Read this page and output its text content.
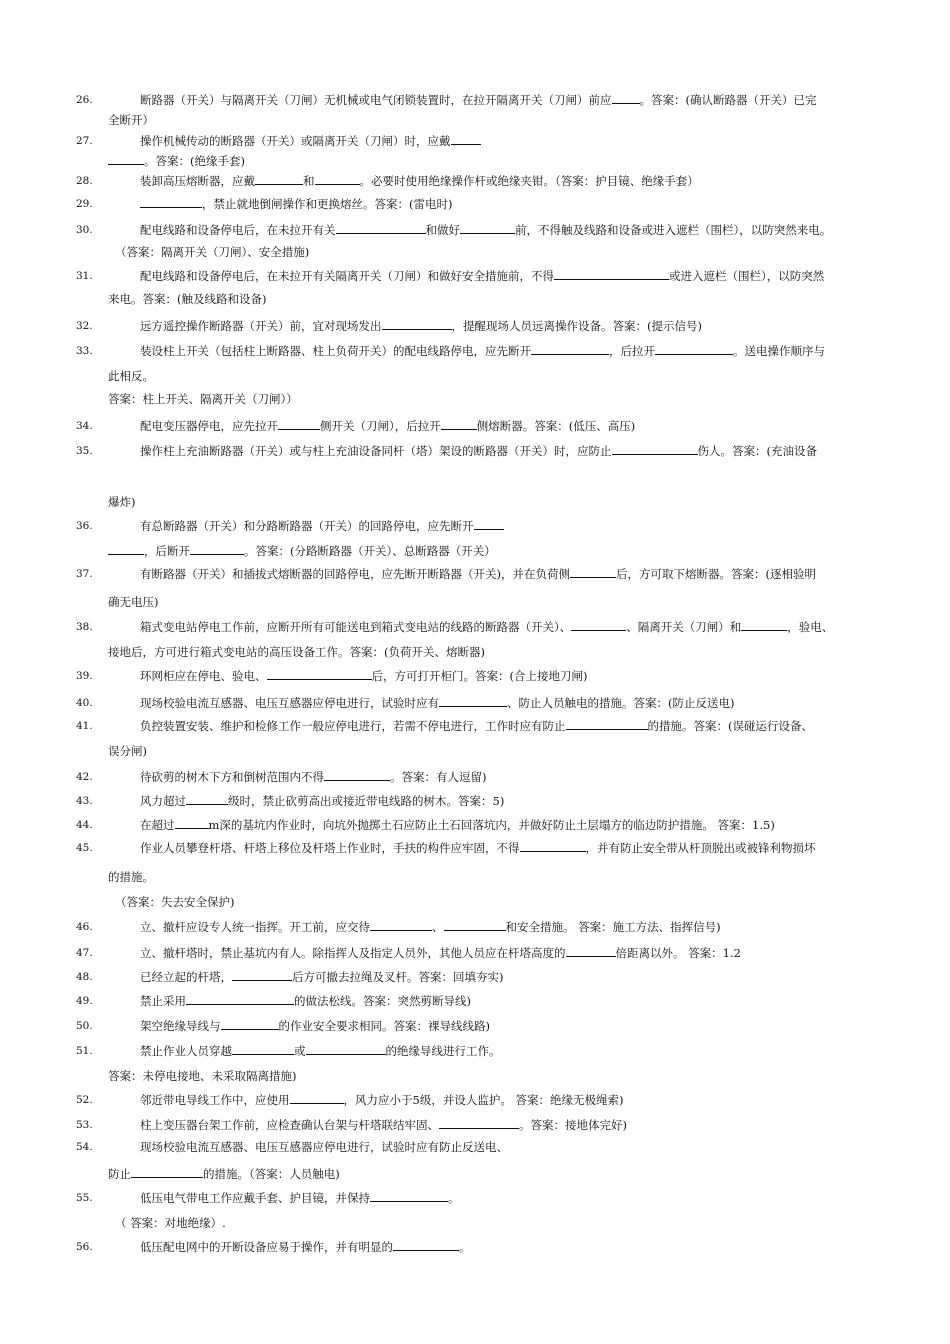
26.	断路器（开关）与隔离开关（刀闸）无机械或电气闭锁装置时，在拉开隔离开关（刀闸）前应 。答案：(确认断路器（开关）已完
全断开）
27.	操作机械传动的断路器（开关）或隔离开关（刀闸）时，应戴
。答案：(绝缘手套)
28.	装卸高压熔断器，应戴	和	。必要时使用绝缘操作杆或绝缘夹钳。（答案：护目镜、绝缘手套）
29.	，禁止就地倒闸操作和更换熔丝。答案：(雷电时)
30.	配电线路和设备停电后，在未拉开有关	和做好	前，不得触及线路和设备或进入遮栏（围栏），以防突然来电。
（答案：隔离开关（刀闸）、安全措施)
31.	配电线路和设备停电后，在未拉开有关隔离开关（刀闸）和做好安全措施前，不得	或进入遮栏（围栏），以防突然
来电。答案：(触及线路和设备)
32.	远方遥控操作断路器（开关）前，宜对现场发出	，提醒现场人员远离操作设备。答案：(提示信号)
33.	装设柱上开关（包括柱上断路器、柱上负荷开关）的配电线路停电，应先断开	，后拉开	。送电操作顺序与
此相反。
答案：柱上开关、隔离开关（刀闸））
34.	配电变压器停电，应先拉开	侧开关（刀闸），后拉开	侧熔断器。答案：(低压、高压)
35.	操作柱上充油断路器（开关）或与柱上充油设备同杆（塔）架设的断路器（开关）时，应防止	伤人。答案：(充油设备
爆炸)
36.	有总断路器（开关）和分路断路器（开关）的回路停电，应先断开
，后断开	。答案：(分路断路器（开关）、总断路器（开关）
37.	有断路器（开关）和插拔式熔断器的回路停电，应先断开断路器（开关)，并在负荷侧	后，方可取下熔断器。答案：(逐相验明
确无电压)
38.	箱式变电站停电工作前，应断开所有可能送电到箱式变电站的线路的断路器（开关）、	、隔离开关（刀闸）和	，验电、
接地后，方可进行箱式变电站的高压设备工作。答案：(负荷开关、熔断器)
39.	环网柜应在停电、验电、	后，方可打开柜门。答案：(合上接地刀闸)
40.	现场校验电流互感器、电压互感器应停电进行，试验时应有	、防止人员触电的措施。答案：(防止反送电)
41.	负控装置安装、维护和检修工作一般应停电进行，若需不停电进行，工作时应有防止	的措施。答案：(误碰运行设备、
误分闸)
42.	待砍剪的树木下方和倒树范围内不得	。答案：有人逗留)
43.	风力超过	级时，禁止砍剪高出或接近带电线路的树木。答案：5)
44.	在超过	m深的基坑内作业时，向坑外抛掷土石应防止土石回落坑内，并做好防止土层塌方的临边防护措施。 答案：1.5)
45.	作业人员攀登杆塔、杆塔上移位及杆塔上作业时，手扶的构件应牢固，不得	，并有防止安全带从杆顶脱出或被锋利物损坏
的措施。
（答案：失去安全保护)
46.	立、撤杆应设专人统一指挥。开工前，应交待	、	和安全措施。 答案：施工方法、指挥信号)
47.	立、撤杆塔时，禁止基坑内有人。除指挥人及指定人员外，其他人员应在杆塔高度的	倍距离以外。 答案：1.2
48.	已经立起的杆塔，	后方可撤去拉绳及叉杆。答案：回填夯实)
49.	禁止采用	的做法松线。答案：突然剪断导线)
50.	架空绝缘导线与	的作业安全要求相同。答案：裸导线线路)
51.	禁止作业人员穿越	或	的绝缘导线进行工作。
答案：未停电接地、未采取隔离措施)
52.	邻近带电导线工作中，应使用	，风力应小于5级，并设人监护。 答案：绝缘无极绳索)
53.	柱上变压器台架工作前，应检查确认台架与杆塔联结牢固、	。答案：接地体完好)
54.	现场校验电流互感器、电压互感器应停电进行，试验时应有防止反送电、
防止	的措施。（答案：人员触电)
55.	低压电气带电工作应戴手套、护目镜，并保持	。
（ 答案：对地绝缘）.
56.	低压配电网中的开断设备应易于操作，并有明显的	。
